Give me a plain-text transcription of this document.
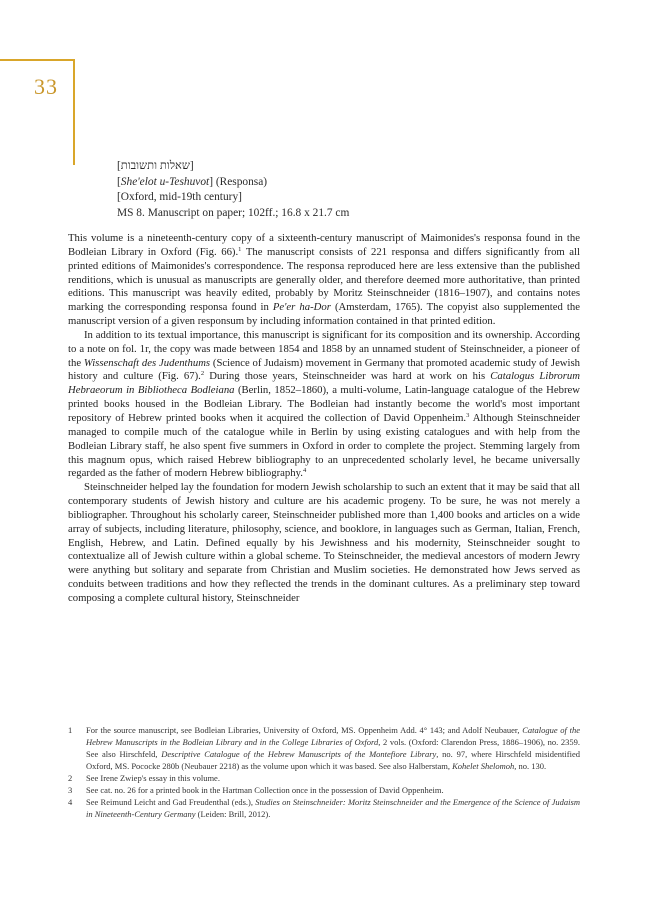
33
[שאלות ותשובות]
[She'elot u-Teshuvot] (Responsa)
[Oxford, mid-19th century]
MS 8. Manuscript on paper; 102ff.; 16.8 x 21.7 cm

This volume is a nineteenth-century copy of a sixteenth-century manuscript of Maimonides's responsa found in the Bodleian Library in Oxford (Fig. 66).$^1$ The manuscript consists of 221 responsa and differs significantly from all printed editions of Maimonides's correspondence. The responsa reproduced here are less extensive than the published renditions, which is unusual as manuscripts are generally older, and therefore deemed more authoritative, than printed editions. This manuscript was heavily edited, probably by Moritz Steinschneider (1816–1907), and contains notes marking the corresponding responsa found in Pe'er ha-Dor (Amsterdam, 1765). The copyist also supplemented the manuscript version of a given responsum by including information contained in that printed edition.

In addition to its textual importance, this manuscript is significant for its composition and its ownership. According to a note on fol. 1r, the copy was made between 1854 and 1858 by an unnamed student of Steinschneider, a pioneer of the Wissenschaft des Judenthums (Science of Judaism) movement in Germany that promoted academic study of Jewish history and culture (Fig. 67).$^2$ During those years, Steinschneider was hard at work on his Catalogus Librorum Hebraeorum in Bibliotheca Bodleiana (Berlin, 1852–1860), a multi-volume, Latin-language catalogue of the Hebrew printed books housed in the Bodleian Library. The Bodleian had instantly become the world's most important repository of Hebrew printed books when it acquired the collection of David Oppenheim.$^3$ Although Steinschneider managed to compile much of the catalogue while in Berlin by using existing catalogues and with help from the Bodleian Library staff, he also spent five summers in Oxford in order to complete the project. Stemming largely from this magnum opus, which raised Hebrew bibliography to an unprecedented scholarly level, he became universally regarded as the father of modern Hebrew bibliography.$^4$

Steinschneider helped lay the foundation for modern Jewish scholarship to such an extent that it may be said that all contemporary students of Jewish history and culture are his academic progeny. To be sure, he was not merely a bibliographer. Throughout his scholarly career, Steinschneider published more than 1,400 books and articles on a wide array of subjects, including literature, philosophy, science, and booklore, in languages such as German, Italian, French, English, Hebrew, and Latin. Defined equally by his Jewishness and his modernity, Steinschneider sought to contextualize all of Jewish culture within a global scheme. To Steinschneider, the medieval ancestors of modern Jewry were anything but solitary and separate from Christian and Muslim societies. He demonstrated how Jews served as conduits between traditions and how they reflected the trends in the dominant cultures. As a preliminary step toward composing a complete cultural history, Steinschneider

1	For the source manuscript, see Bodleian Libraries, University of Oxford, MS. Oppenheim Add. 4° 143; and Adolf Neubauer, Catalogue of the Hebrew Manuscripts in the Bodleian Library and in the College Libraries of Oxford, 2 vols. (Oxford: Clarendon Press, 1886–1906), no. 2359. See also Hirschfeld, Descriptive Catalogue of the Hebrew Manuscripts of the Montefiore Library, no. 97, where Hirschfeld misidentified Oxford, MS. Pococke 280b (Neubauer 2218) as the volume upon which it was based. See also Halberstam, Kohelet Shelomoh, no. 130.
2	See Irene Zwiep's essay in this volume.
3	See cat. no. 26 for a printed book in the Hartman Collection once in the possession of David Oppenheim.
4	See Reimund Leicht and Gad Freudenthal (eds.), Studies on Steinschneider: Moritz Steinschneider and the Emergence of the Science of Judaism in Nineteenth-Century Germany (Leiden: Brill, 2012).
